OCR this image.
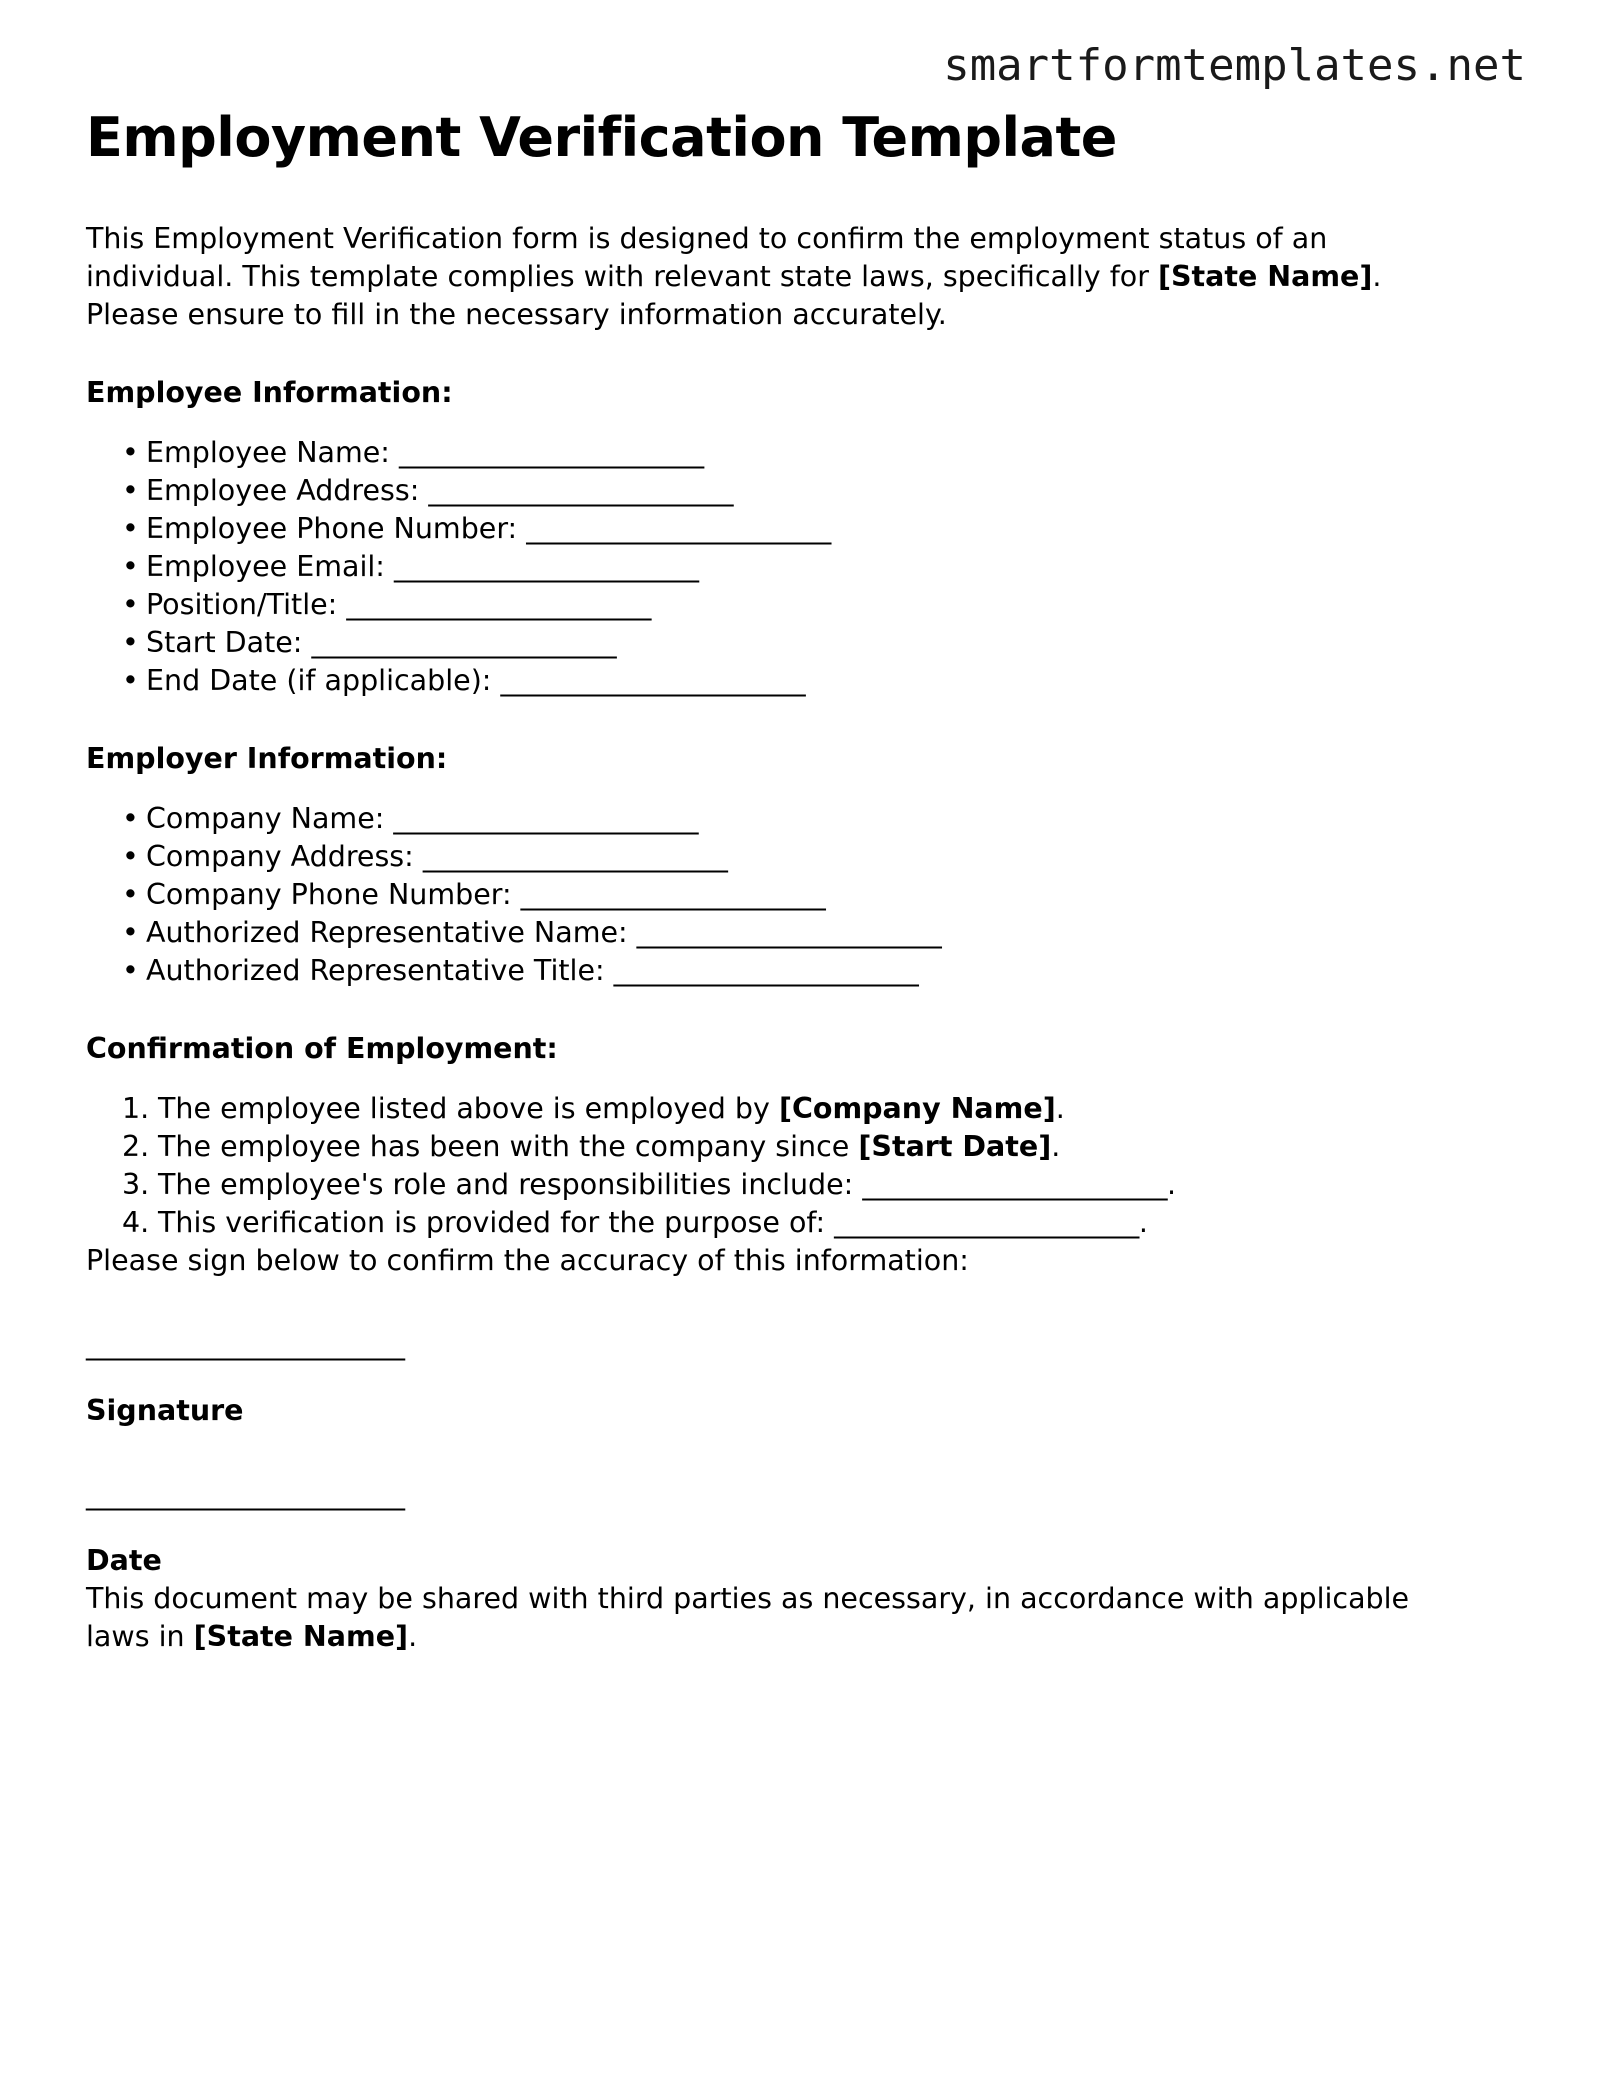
smartformtemplates.net
Employment Verification Template

This Employment Verification form is designed to confirm the employment status of an individual. This template complies with relevant state laws, specifically for [State Name]. Please ensure to fill in the necessary information accurately.

Employee Information:
• Employee Name: ______________________
• Employee Address: ______________________
• Employee Phone Number: ______________________
• Employee Email: ______________________
• Position/Title: ______________________
• Start Date: ______________________
• End Date (if applicable): ______________________
Employer Information:
• Company Name: ______________________
• Company Address: ______________________
• Company Phone Number: ______________________
• Authorized Representative Name: ______________________
• Authorized Representative Title: ______________________
Confirmation of Employment:
1. The employee listed above is employed by [Company Name].
2. The employee has been with the company since [Start Date].
3. The employee's role and responsibilities include: ______________________.
4. This verification is provided for the purpose of: ______________________.

Please sign below to confirm the accuracy of this information:

_______________________
Signature
_______________________
Date

This document may be shared with third parties as necessary, in accordance with applicable laws in [State Name].
